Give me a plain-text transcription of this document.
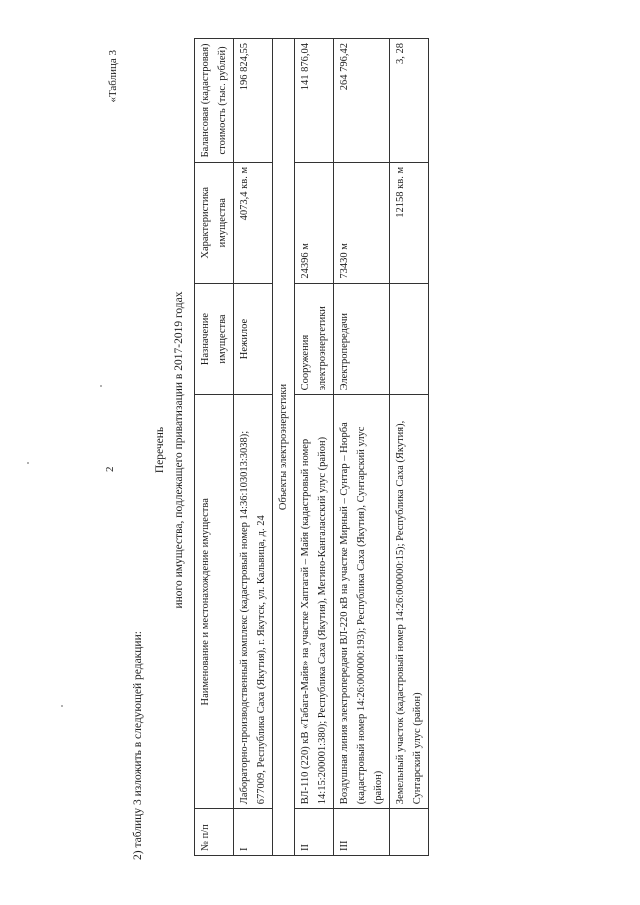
2
2) таблицу 3 изложить в следующей редакции:
«Таблица 3
Перечень иного имущества, подлежащего приватизации в 2017-2019 годах
№ п/п	Наименование и местонахождение имущества	Назначение имущества	Характеристика имущества	Балансовая (кадастровая) стоимость (тыс. рублей)
I	Лабораторно-производственный комплекс (кадастровый номер 14:36:103013:3038); 677009, Республика Саха (Якутия), г. Якутск, ул. Кальвица, д. 24	Нежилое	4073,4 кв. м	196 824,55
Объекты электроэнергетики				
II	ВЛ-110 (220) кВ «Табага-Майя» на участке Хаптагай – Майя (кадастровый номер 14:15:200001:380); Республика Саха (Якутия), Мегино-Кангаласский улус (район)	Сооружения электроэнергетики	24396 м	141 876,04
III	Воздушная линия электропередачи ВЛ-220 кВ на участке Мирный – Сунтар – Нюрба (кадастровый номер 14:26:000000:193); Республика Саха (Якутия), Сунтарский улус (район)	Электропередачи	73430 м	264 796,42
	Земельный участок (кадастровый номер 14:26:000000:15); Республика Саха (Якутия), Сунтарский улус (район)		12158 кв. м	3, 28
